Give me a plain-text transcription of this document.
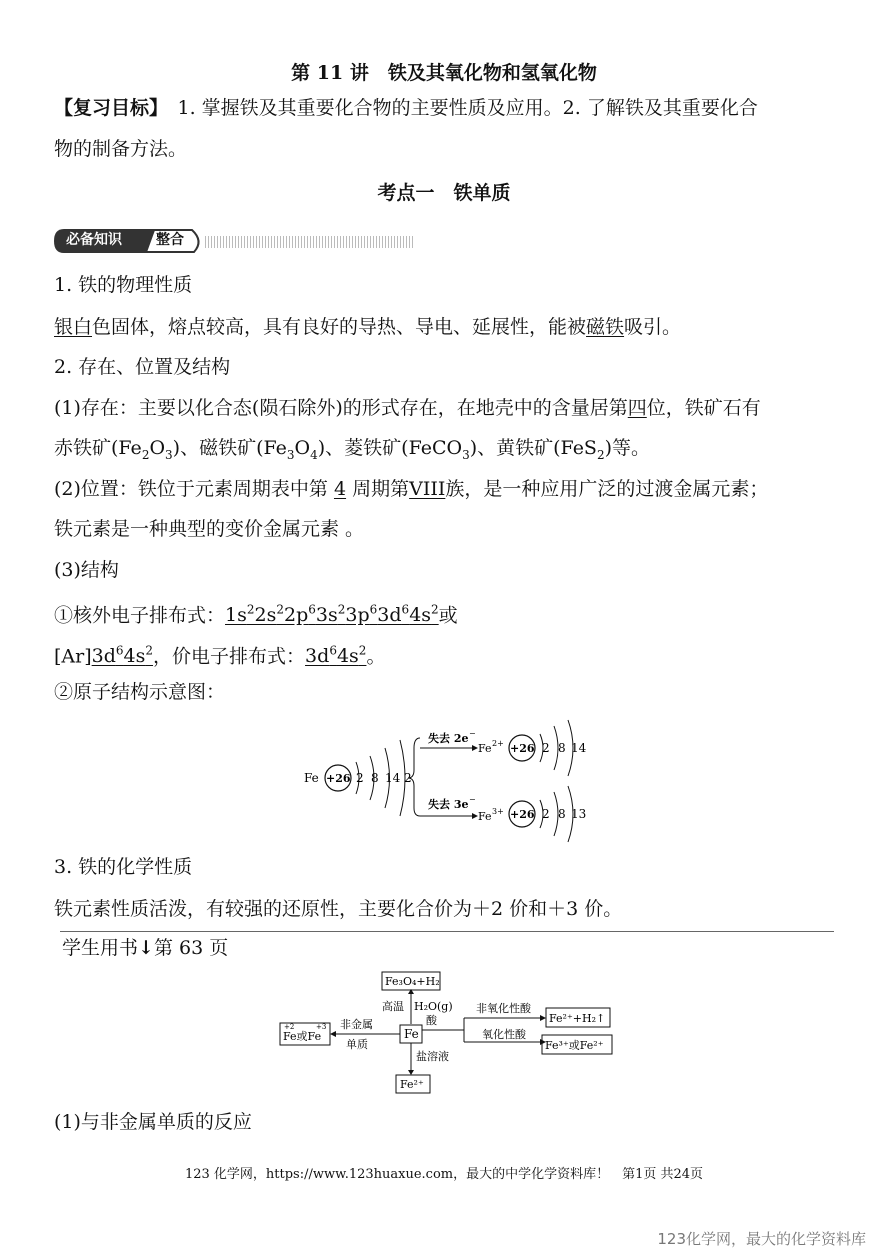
第 11 讲　铁及其氧化物和氢氧化物
【复习目标】　1. 掌握铁及其重要化合物的主要性质及应用。2. 了解铁及其重要化合
物的制备方法。
考点一　铁单质
必备知识 整合
1. 铁的物理性质
银白色固体，熔点较高，具有良好的导热、导电、延展性，能被磁铁吸引。
2. 存在、位置及结构
(1)存在：主要以化合态(陨石除外)的形式存在，在地壳中的含量居第四位，铁矿石有
赤铁矿$(Fe_2O_3)$、磁铁矿$(Fe_3O_4)$、菱铁矿(FeCO$_3$)、黄铁矿(FeS$_2$)等。
(2)位置：铁位于元素周期表中第 4 周期第VIII族，是一种应用广泛的过渡金属元素；
铁元素是一种典型的变价金属元素 。
(3)结构
①核外电子排布式：$1s^22s^22p^63s^23p^63d^64s^2$或
$[Ar]3d^64s^2$，价电子排布式：$3d^64s^2$。
②原子结构示意图：
Fe +26 2 8 14 2
失去 2e −
Fe 2+ +26 2 8 14
失去 3e −
Fe 3+ +26 2 8 13
3. 铁的化学性质
铁元素性质活泼，有较强的还原性，主要化合价为＋2 价和＋3 价。
学生用书↓第 63 页
Fe₃O₄+H₂
高温 H₂O(g)
Fe
酸
非氧化性酸
氧化性酸
Fe²⁺+H₂↑
Fe³⁺或Fe²⁺
非金属
单质
+2	+3
Fe或Fe
盐溶液
Fe²⁺
(1)与非金属单质的反应
123 化学网，https://www.123huaxue.com，最大的中学化学资料库！　第1页 共24页
123化学网，最大的化学资料库
